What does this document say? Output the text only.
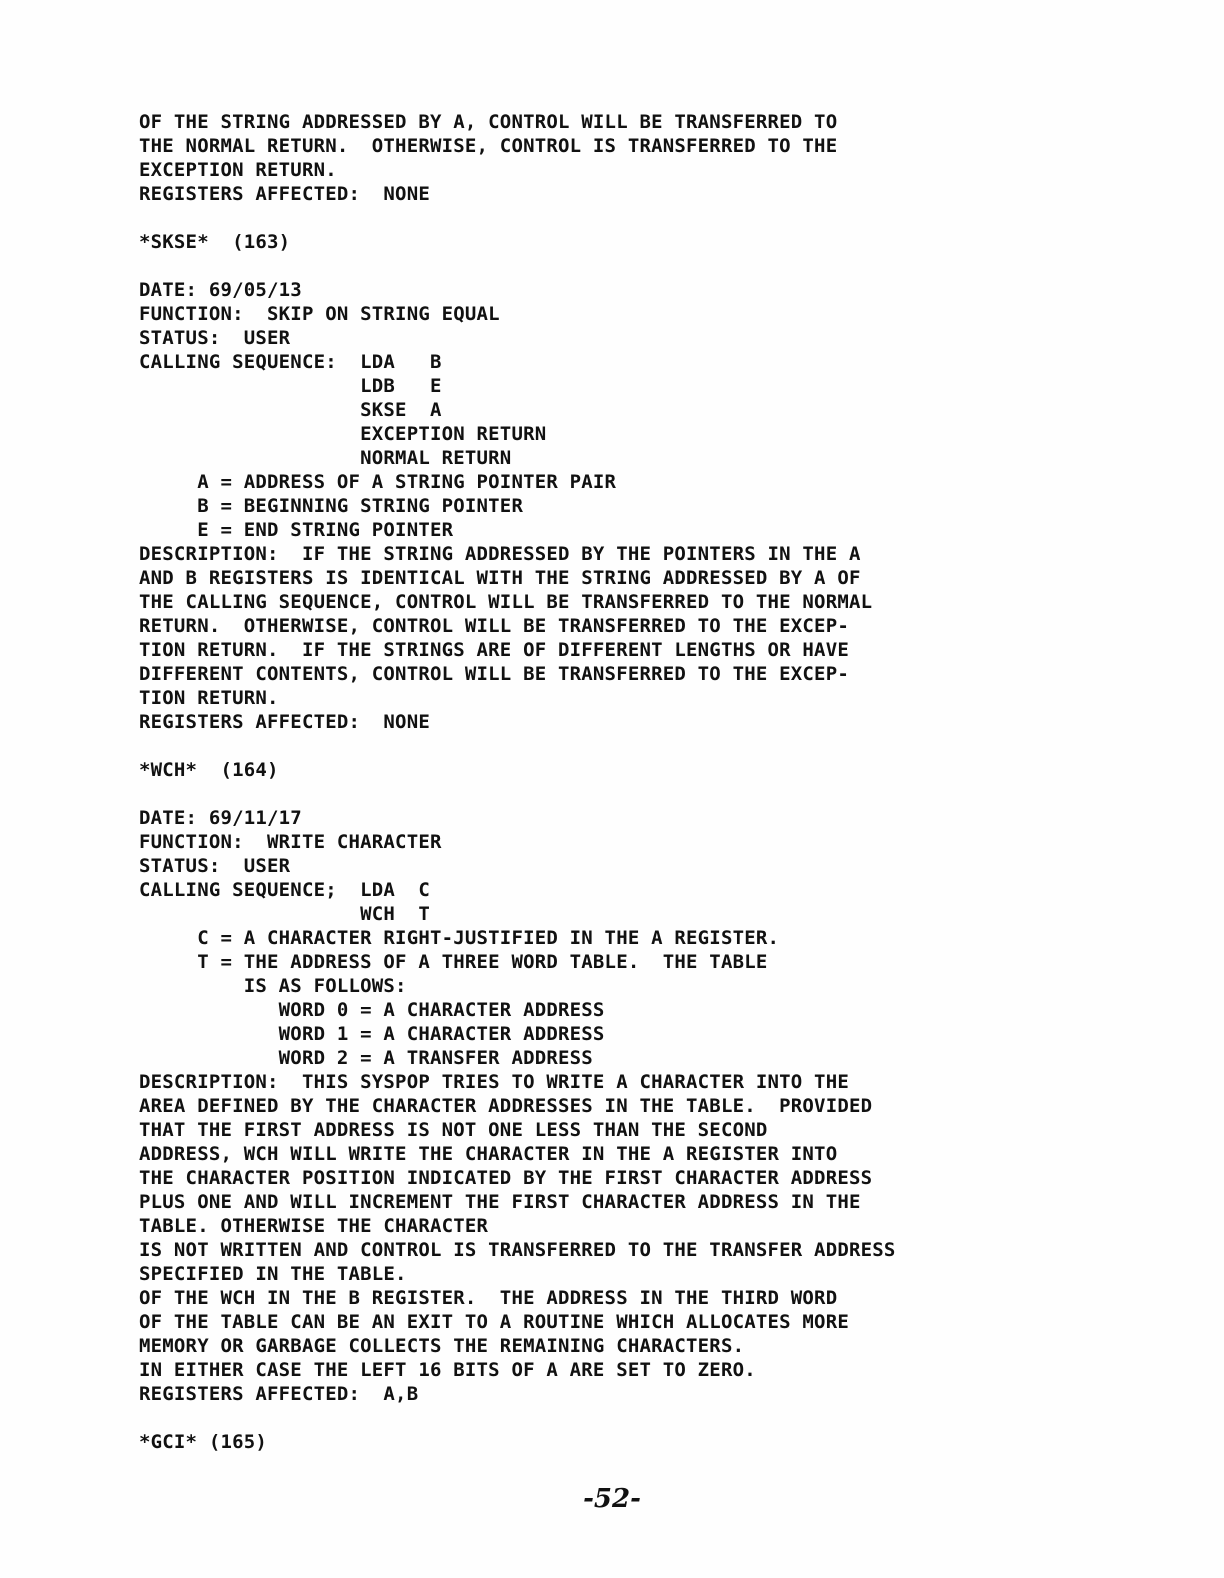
OF THE STRING ADDRESSED BY A, CONTROL WILL BE TRANSFERRED TO
THE NORMAL RETURN.  OTHERWISE, CONTROL IS TRANSFERRED TO THE
EXCEPTION RETURN.
REGISTERS AFFECTED:  NONE
*SKSE*  (163)
DATE: 69/05/13
FUNCTION:  SKIP ON STRING EQUAL
STATUS:  USER
CALLING SEQUENCE:  LDA   B
LDB   E
SKSE  A
EXCEPTION RETURN
NORMAL RETURN
A = ADDRESS OF A STRING POINTER PAIR
B = BEGINNING STRING POINTER
E = END STRING POINTER
DESCRIPTION:  IF THE STRING ADDRESSED BY THE POINTERS IN THE A
AND B REGISTERS IS IDENTICAL WITH THE STRING ADDRESSED BY A OF
THE CALLING SEQUENCE, CONTROL WILL BE TRANSFERRED TO THE NORMAL
RETURN.  OTHERWISE, CONTROL WILL BE TRANSFERRED TO THE EXCEP-
TION RETURN.  IF THE STRINGS ARE OF DIFFERENT LENGTHS OR HAVE
DIFFERENT CONTENTS, CONTROL WILL BE TRANSFERRED TO THE EXCEP-
TION RETURN.
REGISTERS AFFECTED:  NONE
*WCH*  (164)
DATE: 69/11/17
FUNCTION:  WRITE CHARACTER
STATUS:  USER
CALLING SEQUENCE;  LDA  C
WCH  T
C = A CHARACTER RIGHT-JUSTIFIED IN THE A REGISTER.
T = THE ADDRESS OF A THREE WORD TABLE.  THE TABLE
IS AS FOLLOWS:
WORD 0 = A CHARACTER ADDRESS
WORD 1 = A CHARACTER ADDRESS
WORD 2 = A TRANSFER ADDRESS
DESCRIPTION:  THIS SYSPOP TRIES TO WRITE A CHARACTER INTO THE
AREA DEFINED BY THE CHARACTER ADDRESSES IN THE TABLE.  PROVIDED
THAT THE FIRST ADDRESS IS NOT ONE LESS THAN THE SECOND
ADDRESS, WCH WILL WRITE THE CHARACTER IN THE A REGISTER INTO
THE CHARACTER POSITION INDICATED BY THE FIRST CHARACTER ADDRESS
PLUS ONE AND WILL INCREMENT THE FIRST CHARACTER ADDRESS IN THE
TABLE. OTHERWISE THE CHARACTER
IS NOT WRITTEN AND CONTROL IS TRANSFERRED TO THE TRANSFER ADDRESS
SPECIFIED IN THE TABLE.
OF THE WCH IN THE B REGISTER.  THE ADDRESS IN THE THIRD WORD
OF THE TABLE CAN BE AN EXIT TO A ROUTINE WHICH ALLOCATES MORE
MEMORY OR GARBAGE COLLECTS THE REMAINING CHARACTERS.
IN EITHER CASE THE LEFT 16 BITS OF A ARE SET TO ZERO.
REGISTERS AFFECTED:  A,B
*GCI* (165)
-52-
